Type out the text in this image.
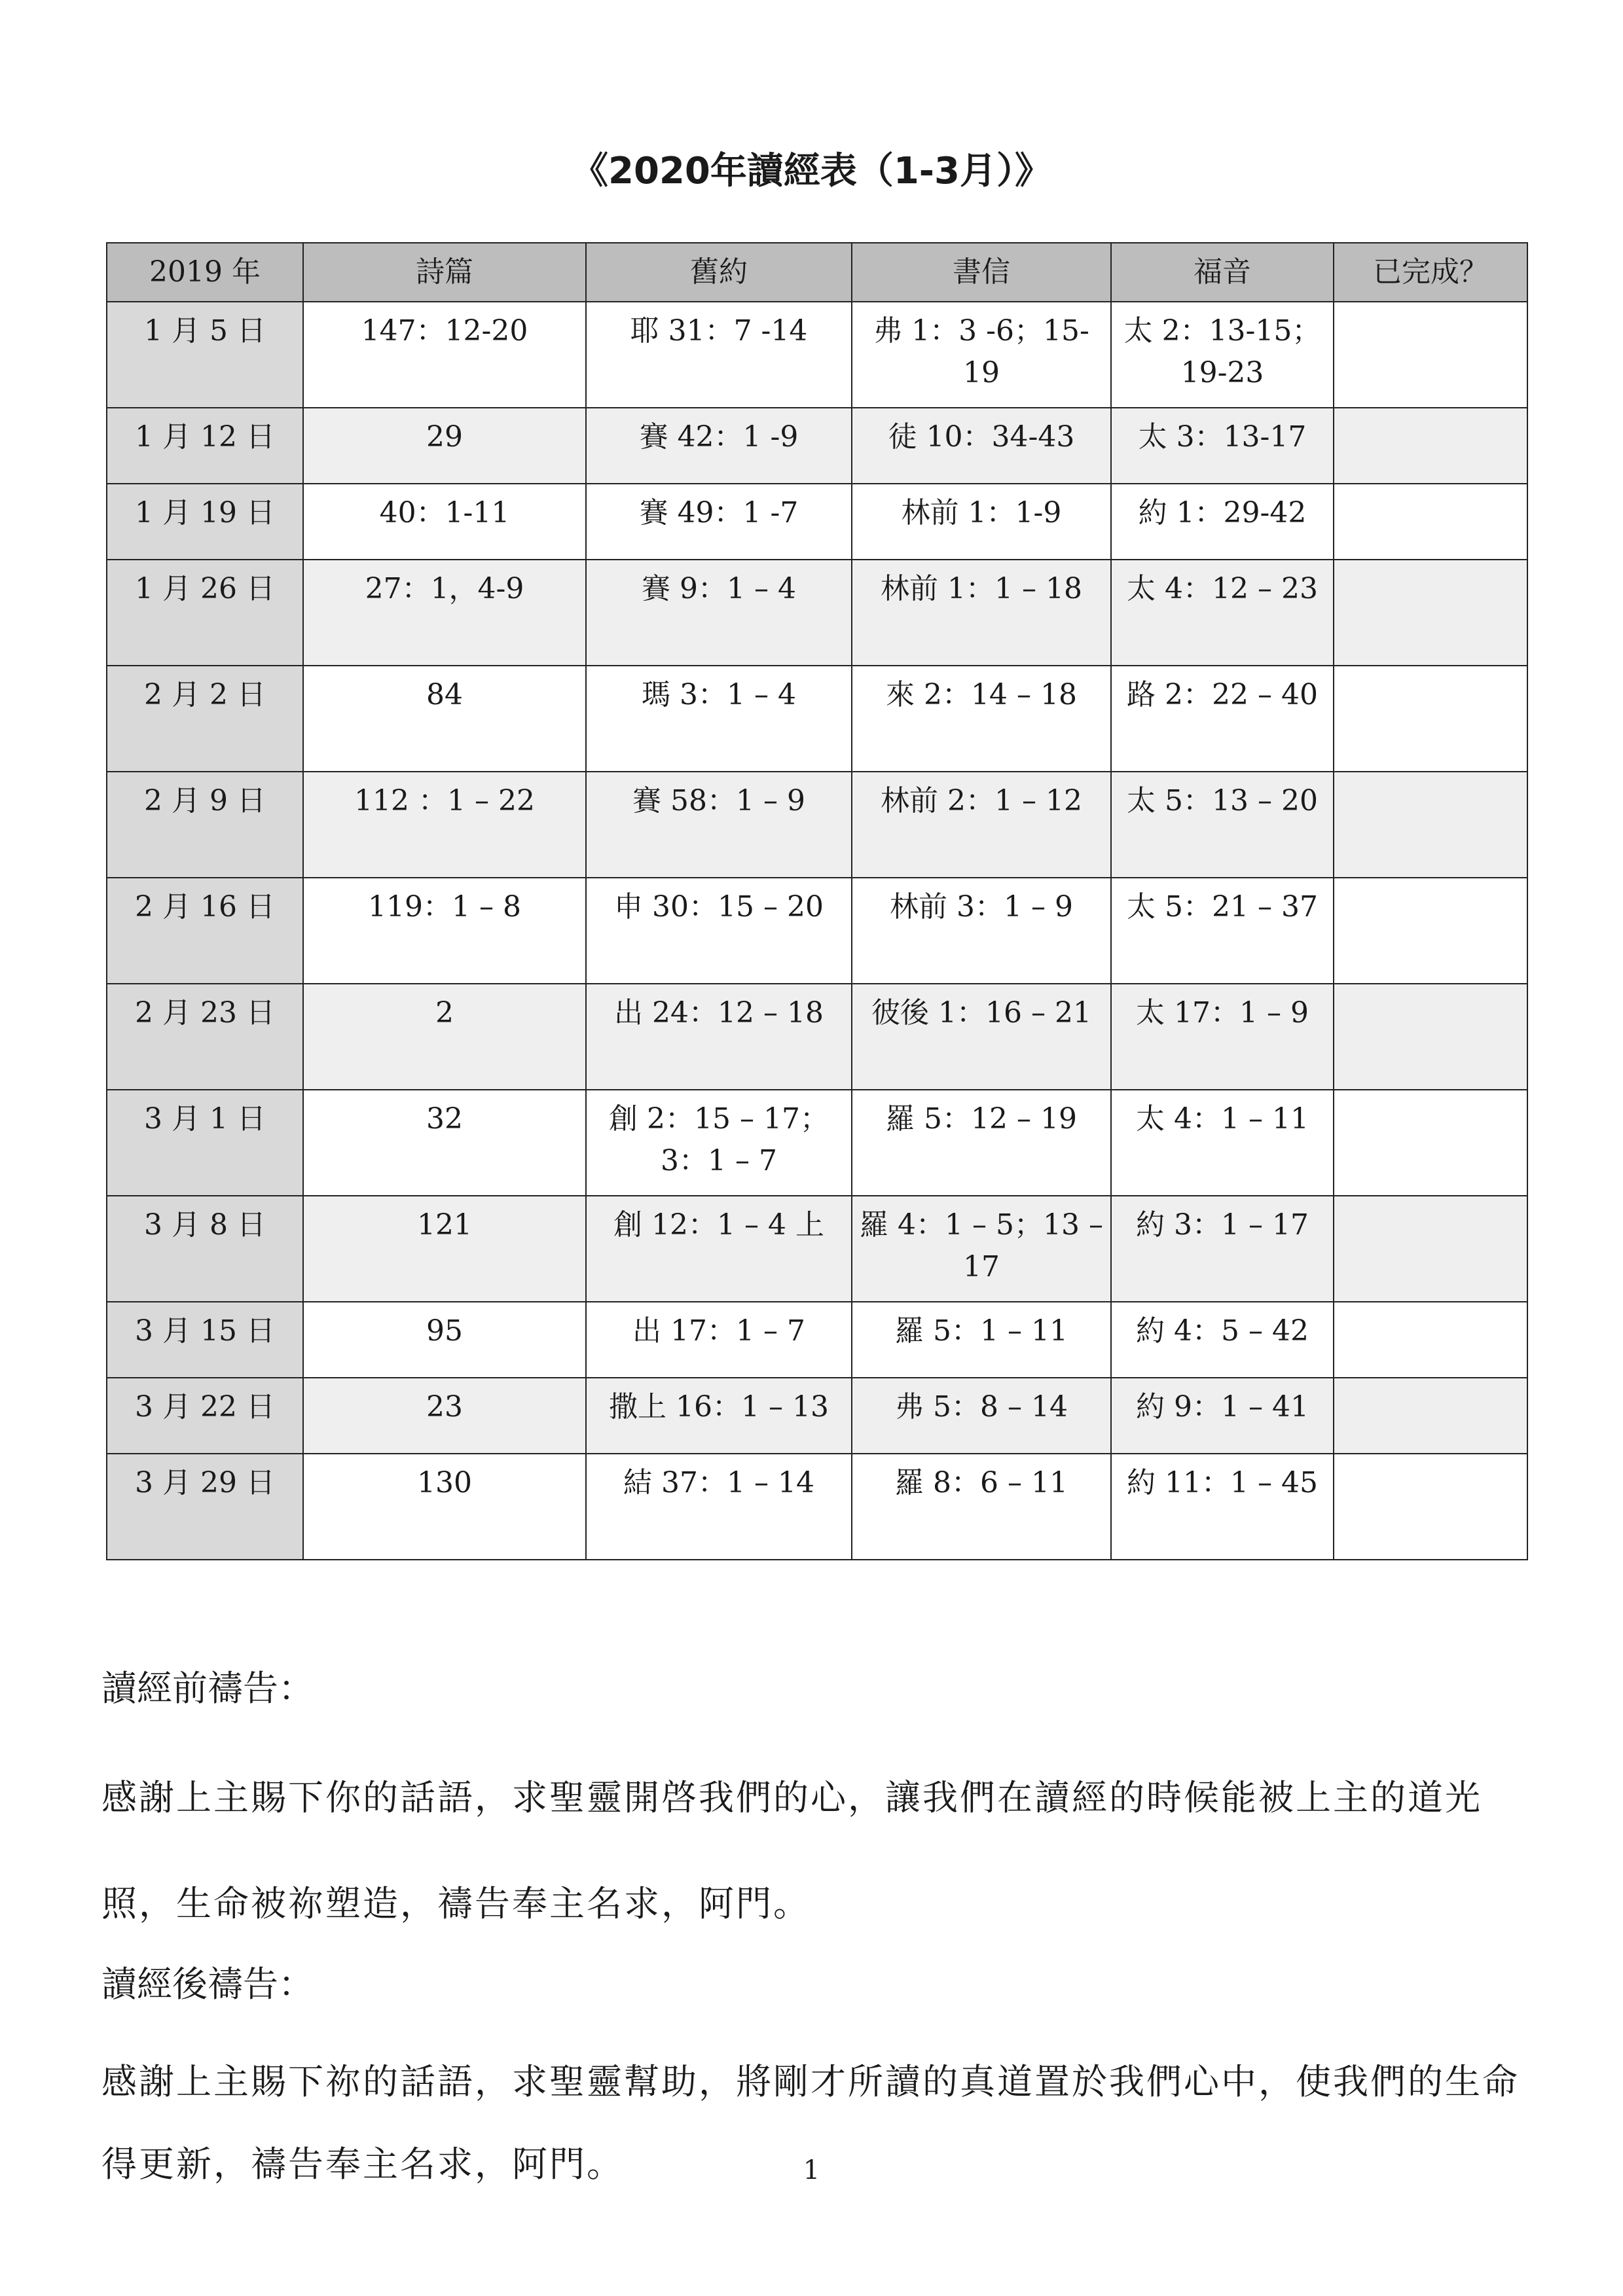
《2020年讀經表（1-3月）》
2019 年	詩篇	舊約	書信	福音	已完成？
1 月 5 日	147：12-20	耶 31：7 -14	弗 1：3 -6；15-19	太 2：13-15；19-23	
1 月 12 日	29	賽 42：1 -9	徒 10：34-43	太 3：13-17	
1 月 19 日	40：1-11	賽 49：1 -7	林前 1：1-9	約 1：29-42	
1 月 26 日	27：1，4-9	賽 9：1 – 4	林前 1：1 – 18	太 4：12 – 23	
2 月 2 日	84	瑪 3：1 – 4	來 2：14 – 18	路 2：22 – 40	
2 月 9 日	112 ：1 – 22	賽 58：1 – 9	林前 2：1 – 12	太 5：13 – 20	
2 月 16 日	119：1 – 8	申 30：15 – 20	林前 3：1 – 9	太 5：21 – 37	
2 月 23 日	2	出 24：12 – 18	彼後 1：16 – 21	太 17：1 – 9	
3 月 1 日	32	創 2：15 – 17；3：1 – 7	羅 5：12 – 19	太 4：1 – 11	
3 月 8 日	121	創 12：1 – 4 上	羅 4：1 – 5；13 – 17	約 3：1 – 17	
3 月 15 日	95	出 17：1 – 7	羅 5：1 – 11	約 4：5 – 42	
3 月 22 日	23	撒上 16：1 – 13	弗 5：8 – 14	約 9：1 – 41	
3 月 29 日	130	結 37：1 – 14	羅 8：6 – 11	約 11：1 – 45	
讀經前禱告：

感謝上主賜下你的話語，求聖靈開啓我們的心，讓我們在讀經的時候能被上主的道光照，生命被祢塑造，禱告奉主名求，阿門。

讀經後禱告：

感謝上主賜下祢的話語，求聖靈幫助，將剛才所讀的真道置於我們心中，使我們的生命得更新，禱告奉主名求，阿門。	1
